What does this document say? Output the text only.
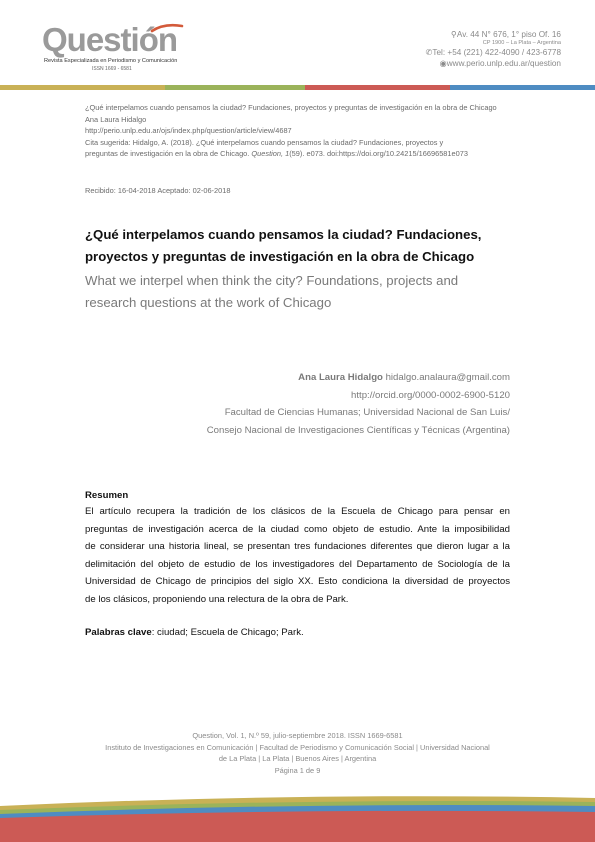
Questión
Revista Especializada en Periodismo y Comunicación
ISSN 1669 - 6581
⚲Av. 44 N° 676, 1° piso Of. 16
CP 1900 – La Plata – Argentina
✆Tel: +54 (221) 422-4090 / 423-6778
◉www.perio.unlp.edu.ar/question
¿Qué interpelamos cuando pensamos la ciudad? Fundaciones, proyectos y preguntas de investigación en la obra de Chicago
Ana Laura Hidalgo
http://perio.unlp.edu.ar/ojs/index.php/question/article/view/4687
Cita sugerida: Hidalgo, A. (2018). ¿Qué interpelamos cuando pensamos la ciudad? Fundaciones, proyectos y
preguntas de investigación en la obra de Chicago. Question, 1(59). e073. doi:https://doi.org/10.24215/16696581e073
Recibido: 16-04-2018 Aceptado: 02-06-2018
¿Qué interpelamos cuando pensamos la ciudad? Fundaciones,
proyectos y preguntas de investigación en la obra de Chicago
What we interpel when think the city? Foundations, projects and
research questions at the work of Chicago
Ana Laura Hidalgo hidalgo.analaura@gmail.com
http://orcid.org/0000-0002-6900-5120
Facultad de Ciencias Humanas; Universidad Nacional de San Luis/
Consejo Nacional de Investigaciones Científicas y Técnicas (Argentina)
Resumen
El artículo recupera la tradición de los clásicos de la Escuela de Chicago para pensar en
preguntas de investigación acerca de la ciudad como objeto de estudio. Ante la imposibilidad
de considerar una historia lineal, se presentan tres fundaciones diferentes que dieron lugar a la
delimitación del objeto de estudio de los investigadores del Departamento de Sociología de la
Universidad de Chicago de principios del siglo XX. Esto condiciona la diversidad de proyectos
de los clásicos, proponiendo una relectura de la obra de Park.
Palabras clave: ciudad; Escuela de Chicago; Park.
Question, Vol. 1, N.º 59, julio-septiembre 2018. ISSN 1669-6581
Instituto de Investigaciones en Comunicación | Facultad de Periodismo y Comunicación Social | Universidad Nacional
de La Plata | La Plata | Buenos Aires | Argentina
Página 1 de 9
